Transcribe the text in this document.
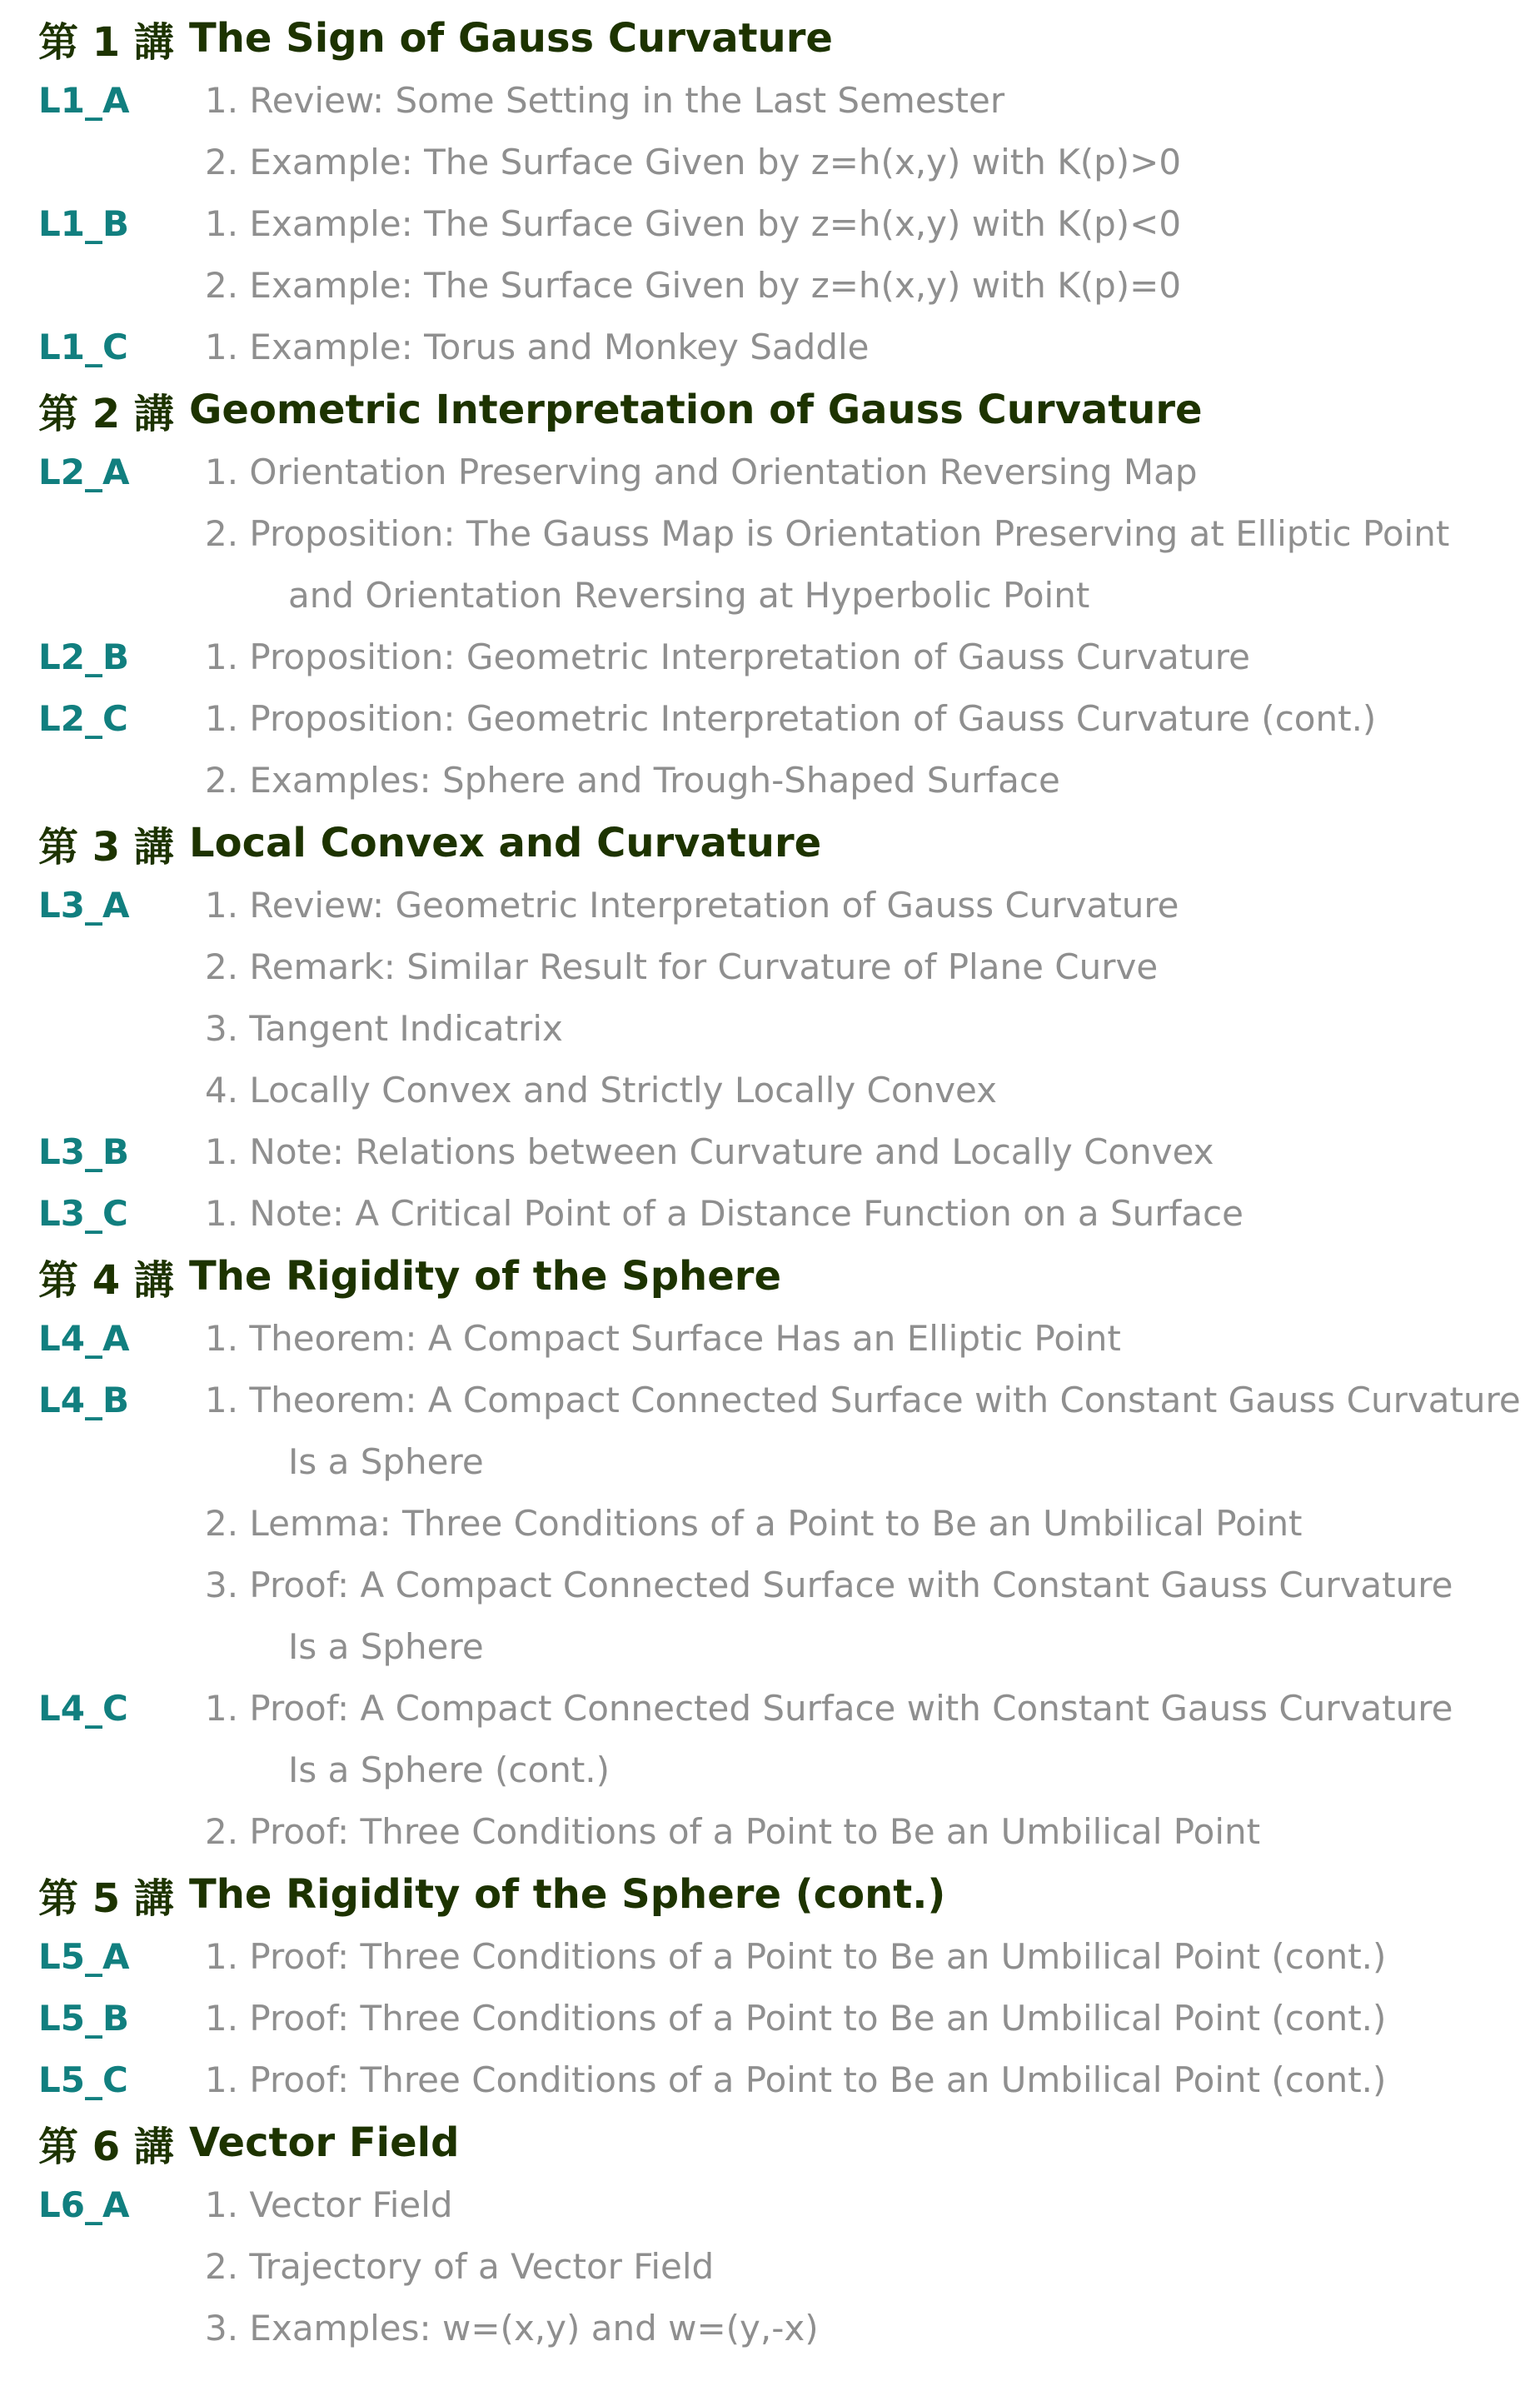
第 1 講 The Sign of Gauss Curvature
L1_A	1. Review: Some Setting in the Last Semester
2. Example: The Surface Given by z=h(x,y) with K(p)>0
L1_B	1. Example: The Surface Given by z=h(x,y) with K(p)<0
2. Example: The Surface Given by z=h(x,y) with K(p)=0
L1_C	1. Example: Torus and Monkey Saddle
第 2 講 Geometric Interpretation of Gauss Curvature
L2_A	1. Orientation Preserving and Orientation Reversing Map
2. Proposition: The Gauss Map is Orientation Preserving at Elliptic Point
and Orientation Reversing at Hyperbolic Point
L2_B	1. Proposition: Geometric Interpretation of Gauss Curvature
L2_C	1. Proposition: Geometric Interpretation of Gauss Curvature (cont.)
2. Examples: Sphere and Trough-Shaped Surface
第 3 講 Local Convex and Curvature
L3_A	1. Review: Geometric Interpretation of Gauss Curvature
2. Remark: Similar Result for Curvature of Plane Curve
3. Tangent Indicatrix
4. Locally Convex and Strictly Locally Convex
L3_B	1. Note: Relations between Curvature and Locally Convex
L3_C	1. Note: A Critical Point of a Distance Function on a Surface
第 4 講 The Rigidity of the Sphere
L4_A	1. Theorem: A Compact Surface Has an Elliptic Point
L4_B	1. Theorem: A Compact Connected Surface with Constant Gauss Curvature
Is a Sphere
2. Lemma: Three Conditions of a Point to Be an Umbilical Point
3. Proof: A Compact Connected Surface with Constant Gauss Curvature
Is a Sphere
L4_C	1. Proof: A Compact Connected Surface with Constant Gauss Curvature
Is a Sphere (cont.)
2. Proof: Three Conditions of a Point to Be an Umbilical Point
第 5 講 The Rigidity of the Sphere (cont.)
L5_A	1. Proof: Three Conditions of a Point to Be an Umbilical Point (cont.)
L5_B	1. Proof: Three Conditions of a Point to Be an Umbilical Point (cont.)
L5_C	1. Proof: Three Conditions of a Point to Be an Umbilical Point (cont.)
第 6 講 Vector Field
L6_A	1. Vector Field
2. Trajectory of a Vector Field
3. Examples: w=(x,y) and w=(y,-x)
